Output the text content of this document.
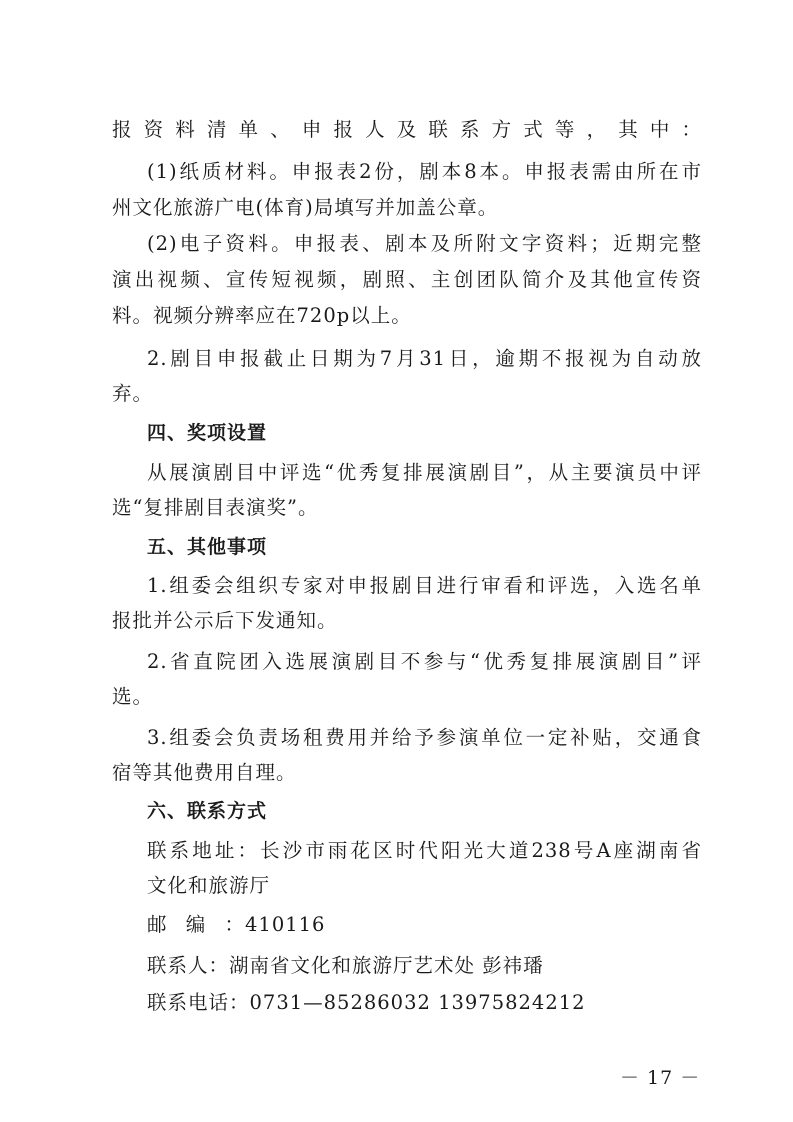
报资料清单、申报人及联系方式等，其中：
(1)纸质材料。申报表2份，剧本8本。申报表需由所在市
州文化旅游广电(体育)局填写并加盖公章。
(2)电子资料。申报表、剧本及所附文字资料；近期完整
演出视频、宣传短视频，剧照、主创团队简介及其他宣传资
料。视频分辨率应在720p以上。
2.剧目申报截止日期为7月31日，逾期不报视为自动放
弃。
四、奖项设置
从展演剧目中评选“优秀复排展演剧目”，从主要演员中评
选“复排剧目表演奖”。
五、其他事项
1.组委会组织专家对申报剧目进行审看和评选，入选名单
报批并公示后下发通知。
2.省直院团入选展演剧目不参与“优秀复排展演剧目”评
选。
3.组委会负责场租费用并给予参演单位一定补贴，交通食
宿等其他费用自理。
六、联系方式
联系地址：长沙市雨花区时代阳光大道238号A座湖南省
文化和旅游厅
邮编：410116
联系人：湖南省文化和旅游厅艺术处 彭祎璠
联系电话：0731—85286032 13975824212
－ 17 －
